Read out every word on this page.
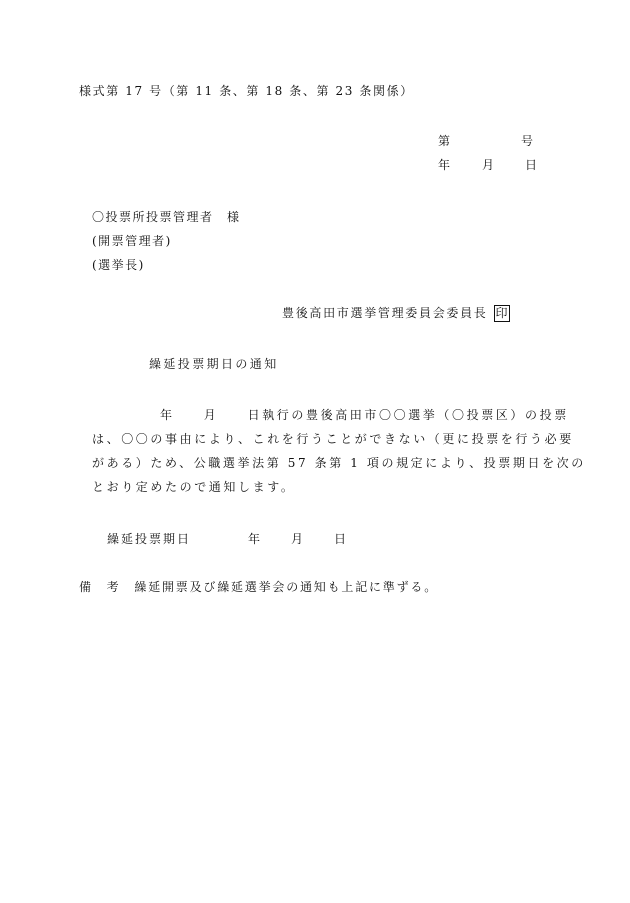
様式第 17 号（第 11 条、第 18 条、第 23 条関係）
第	号
年	月	日
〇投票所投票管理者　様
(開票管理者)
(選挙長)
豊後高田市選挙管理委員会委員長 印
繰延投票期日の通知

年　　月　　日執行の豊後高田市〇〇選挙（〇投票区）の投票

は、〇〇の事由により、これを行うことができない（更に投票を行う必要

がある）ため、公職選挙法第 57 条第 1 項の規定により、投票期日を次の

とおり定めたので通知します。

繰延投票期日	年 月 日
備　考 繰延開票及び繰延選挙会の通知も上記に準ずる。
